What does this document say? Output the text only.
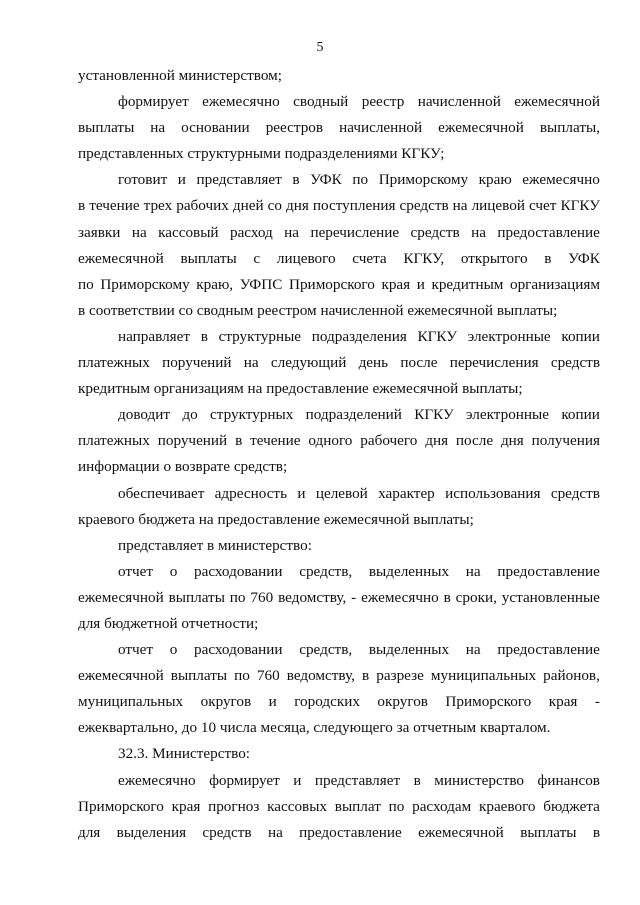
5
установленной министерством;
формирует ежемесячно сводный реестр начисленной ежемесячной
выплаты на основании реестров начисленной ежемесячной выплаты,
представленных структурными подразделениями КГКУ;
готовит и представляет в УФК по Приморскому краю ежемесячно
в течение трех рабочих дней со дня поступления средств на лицевой счет КГКУ
заявки на кассовый расход на перечисление средств на предоставление
ежемесячной выплаты с лицевого счета КГКУ, открытого в УФК
по Приморскому краю, УФПС Приморского края и кредитным организациям
в соответствии со сводным реестром начисленной ежемесячной выплаты;
направляет в структурные подразделения КГКУ электронные копии
платежных поручений на следующий день после перечисления средств
кредитным организациям на предоставление ежемесячной выплаты;
доводит до структурных подразделений КГКУ электронные копии
платежных поручений в течение одного рабочего дня после дня получения
информации о возврате средств;
обеспечивает адресность и целевой характер использования средств
краевого бюджета на предоставление ежемесячной выплаты;
представляет в министерство:
отчет о расходовании средств, выделенных на предоставление
ежемесячной выплаты по 760 ведомству, - ежемесячно в сроки, установленные
для бюджетной отчетности;
отчет о расходовании средств, выделенных на предоставление
ежемесячной выплаты по 760 ведомству, в разрезе муниципальных районов,
муниципальных округов и городских округов Приморского края -
ежеквартально, до 10 числа месяца, следующего за отчетным кварталом.
32.3. Министерство:
ежемесячно формирует и представляет в министерство финансов
Приморского края прогноз кассовых выплат по расходам краевого бюджета
для выделения средств на предоставление ежемесячной выплаты в
